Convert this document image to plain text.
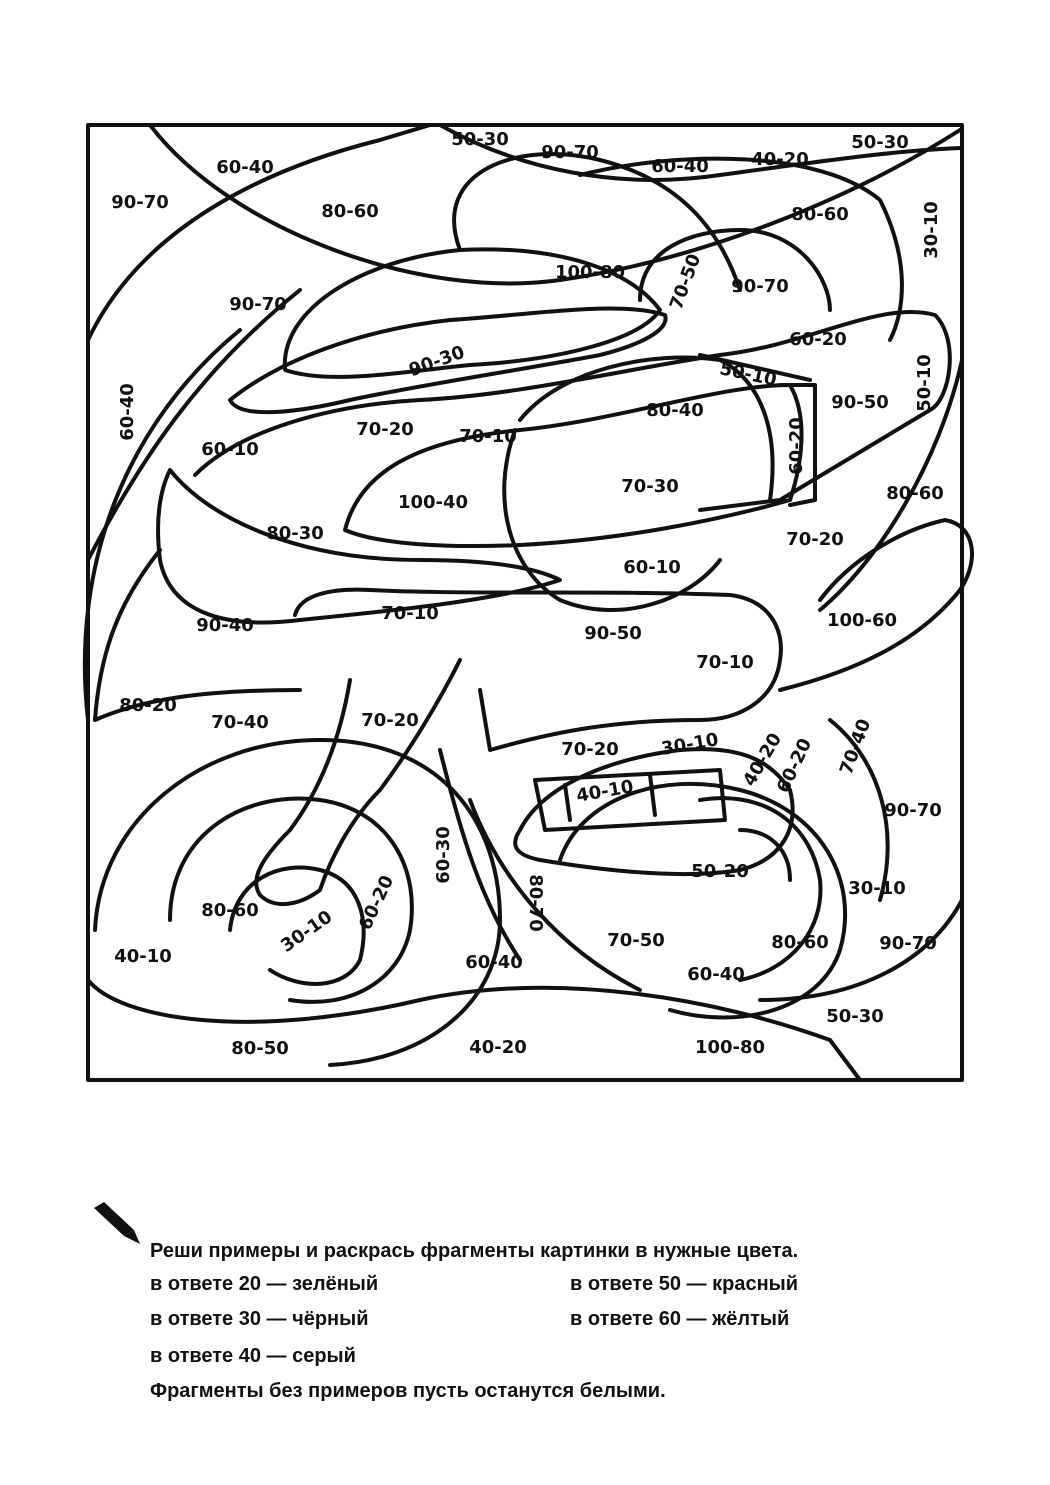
50-30
90-70
60-40 40-20
50-30
60-40
90-70	80-60	80-60	30-10
100-80 70-50
90-70
90-70
60-40
60-20
90-30	50-10	50-10
80-40	90-50
70-20	70-10
60-10	60-20
100-40
70-30	80-60
80-30	70-20
60-10
90-40
70-10
90-50
100-60
70-10
80-20
70-40	70-20
70-20 30-10
40-10
70-40
40-20
60-20
90-70
60-30
80-70
50-20
30-10
80-60	60-20
30-10
40-10
70-50	80-60	90-70
60-40
60-40
50-30
80-50	40-20	100-80
Реши примеры и раскрась фрагменты картинки в нужные цвета.
в ответе 20 — зелёный	в ответе 50 — красный
в ответе 30 — чёрный	в ответе 60 — жёлтый
в ответе 40 — серый
Фрагменты без примеров пусть останутся белыми.
